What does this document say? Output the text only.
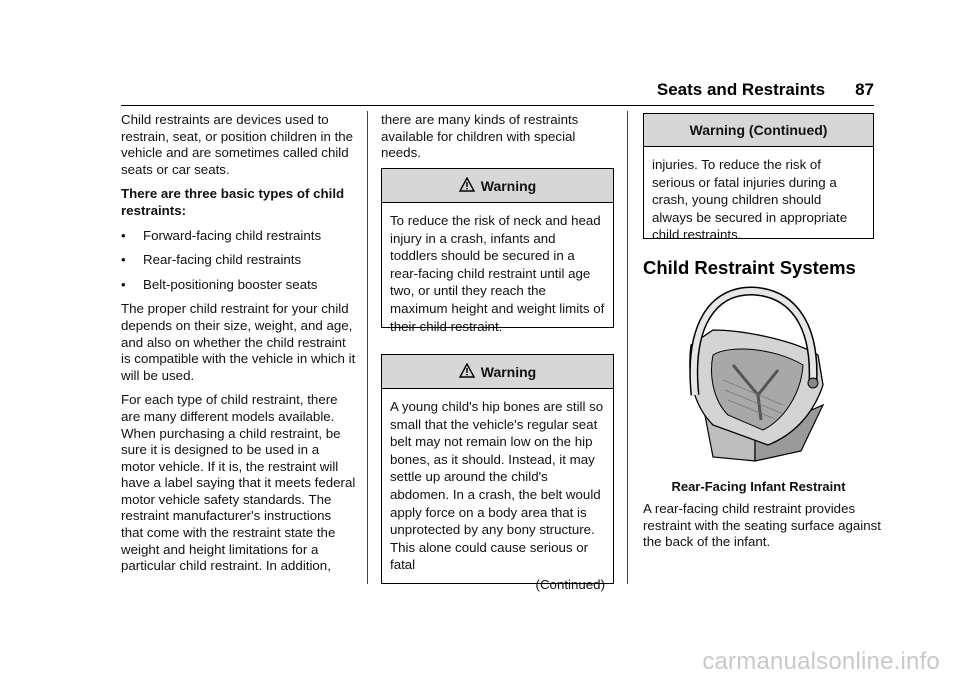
Seats and Restraints 87

Child restraints are devices used to restrain, seat, or position children in the vehicle and are sometimes called child seats or car seats.

There are three basic types of child restraints:

•	Forward-facing child restraints
•	Rear-facing child restraints
•	Belt-positioning booster seats

The proper child restraint for your child depends on their size, weight, and age, and also on whether the child restraint is compatible with the vehicle in which it will be used.

For each type of child restraint, there are many different models available. When purchasing a child restraint, be sure it is designed to be used in a motor vehicle. If it is, the restraint will have a label saying that it meets federal motor vehicle safety standards. The restraint manufacturer's instructions that come with the restraint state the weight and height limitations for a particular child restraint. In addition,

there are many kinds of restraints available for children with special needs.

Warning
To reduce the risk of neck and head injury in a crash, infants and toddlers should be secured in a rear-facing child restraint until age two, or until they reach the maximum height and weight limits of their child restraint.
Warning
A young child's hip bones are still so small that the vehicle's regular seat belt may not remain low on the hip bones, as it should. Instead, it may settle up around the child's abdomen. In a crash, the belt would apply force on a body area that is unprotected by any bony structure. This alone could cause serious or fatal
(Continued)
Warning (Continued)
injuries. To reduce the risk of serious or fatal injuries during a crash, young children should always be secured in appropriate child restraints.
Child Restraint Systems
Rear-Facing Infant Restraint
A rear-facing child restraint provides restraint with the seating surface against the back of the infant.
carmanualsonline.info
